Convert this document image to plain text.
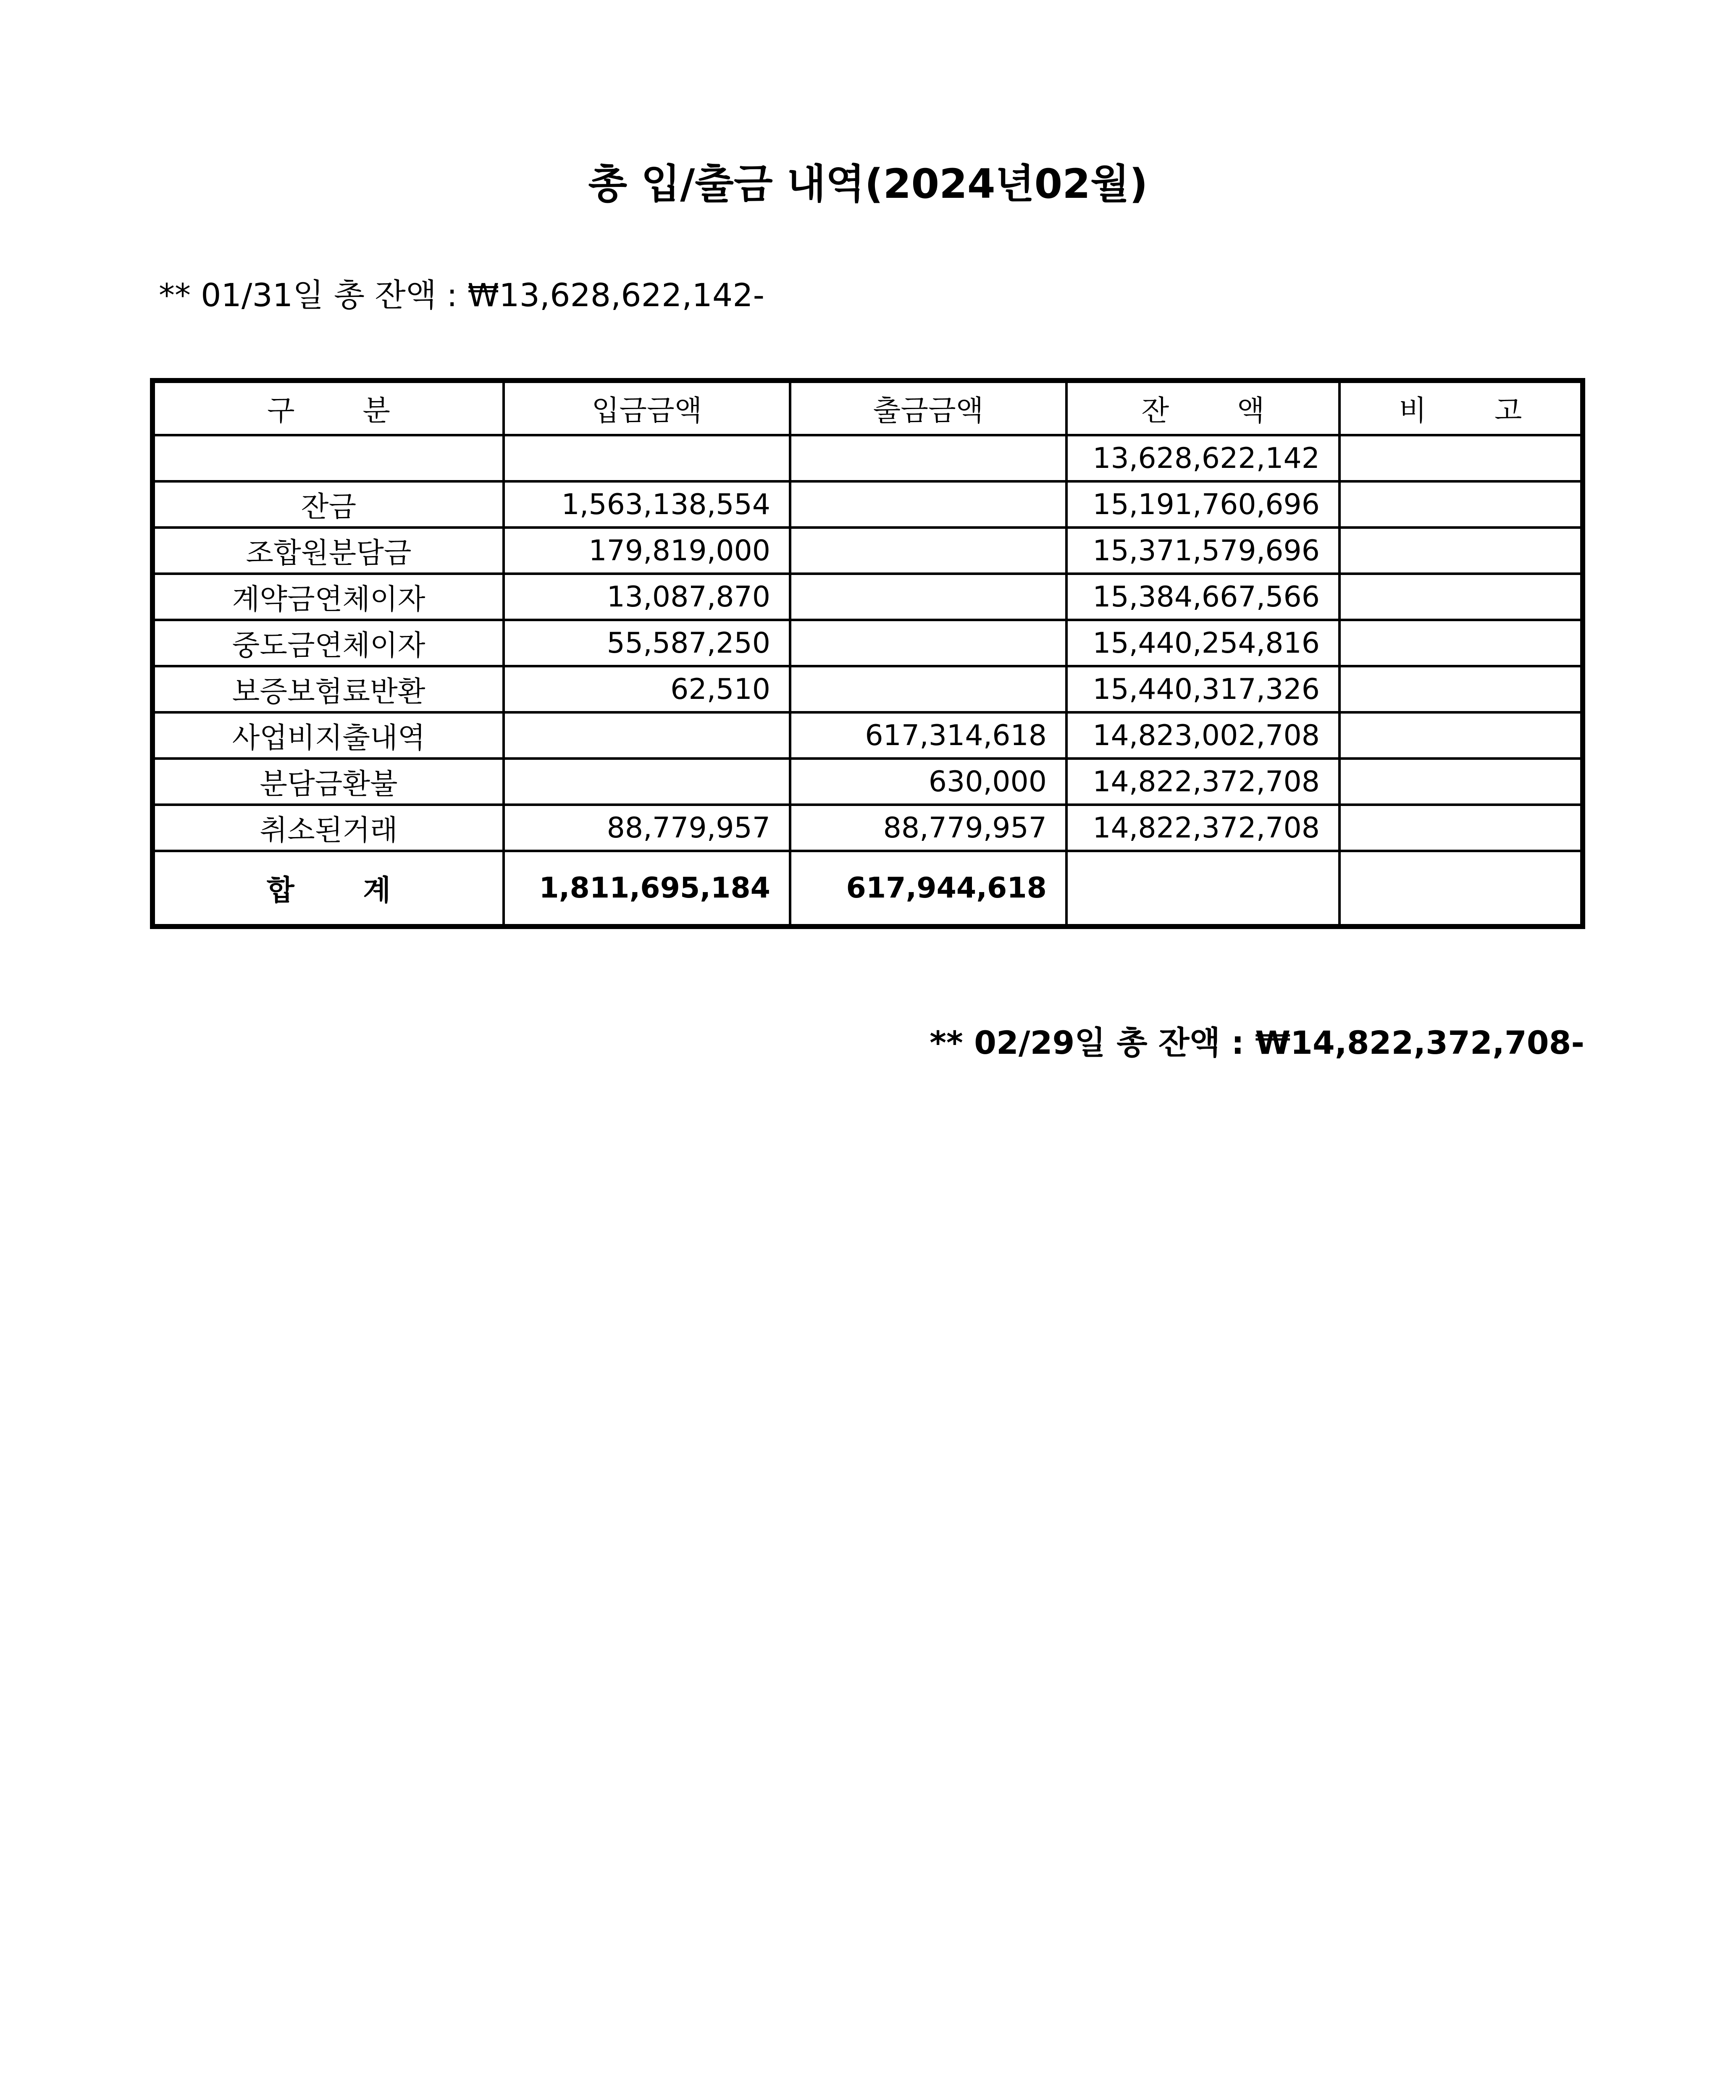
총 입/출금 내역(2024년02월)
** 01/31일 총 잔액 : ₩13,628,622,142-
구 분	입금금액	출금금액	잔 액	비 고
			13,628,622,142	
잔금	1,563,138,554		15,191,760,696	
조합원분담금	179,819,000		15,371,579,696	
계약금연체이자	13,087,870		15,384,667,566	
중도금연체이자	55,587,250		15,440,254,816	
보증보험료반환	62,510		15,440,317,326	
사업비지출내역		617,314,618	14,823,002,708	
분담금환불		630,000	14,822,372,708	
취소된거래	88,779,957	88,779,957	14,822,372,708	
합 계	1,811,695,184	617,944,618		
** 02/29일 총 잔액 : ₩14,822,372,708-
